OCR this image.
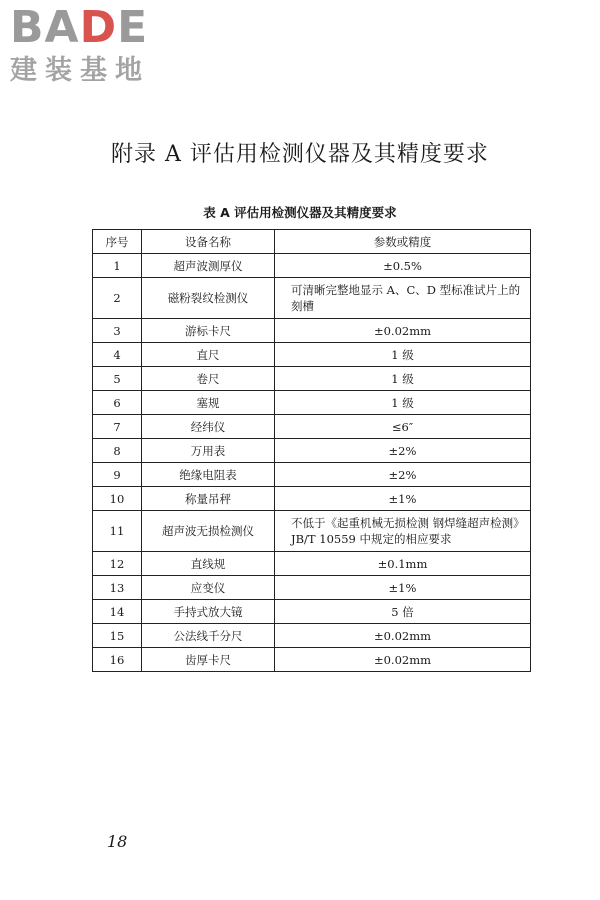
BADE
建装基地
附录 A 评估用检测仪器及其精度要求
表 A 评估用检测仪器及其精度要求
序号	设备名称	参数或精度
1	超声波测厚仪	±0.5%
2	磁粉裂纹检测仪	可清晰完整地显示 A、C、D 型标准试片上的刻槽
3	游标卡尺	±0.02mm
4	直尺	1 级
5	卷尺	1 级
6	塞规	1 级
7	经纬仪	≤6″
8	万用表	±2%
9	绝缘电阻表	±2%
10	称量吊秤	±1%
11	超声波无损检测仪	不低于《起重机械无损检测 钢焊缝超声检测》JB/T 10559 中规定的相应要求
12	直线规	±0.1mm
13	应变仪	±1%
14	手持式放大镜	5 倍
15	公法线千分尺	±0.02mm
16	齿厚卡尺	±0.02mm
18
